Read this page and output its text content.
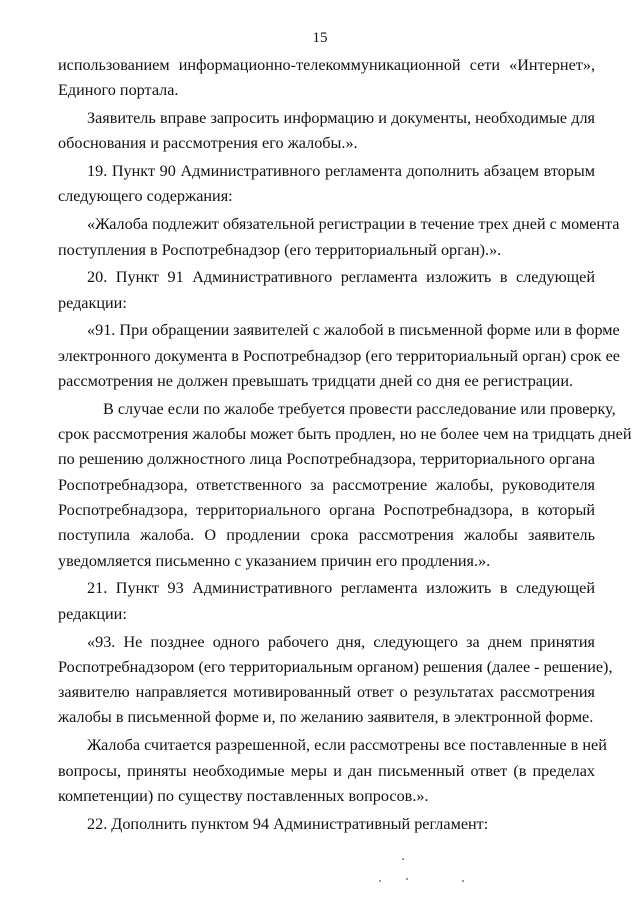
15

использованием информационно-телекоммуникационной сети «Интернет»,
Единого портала.

Заявитель вправе запросить информацию и документы, необходимые для
обоснования и рассмотрения его жалобы.».

19. Пункт 90 Административного регламента дополнить абзацем вторым
следующего содержания:

«Жалоба подлежит обязательной регистрации в течение трех дней с момента
поступления в Роспотребнадзор (его территориальный орган).».

20. Пункт 91 Административного регламента изложить в следующей
редакции:

«91. При обращении заявителей с жалобой в письменной форме или в форме
электронного документа в Роспотребнадзор (его территориальный орган) срок ее
рассмотрения не должен превышать тридцати дней со дня ее регистрации.

В случае если по жалобе требуется провести расследование или проверку,
срок рассмотрения жалобы может быть продлен, но не более чем на тридцать дней
по решению должностного лица Роспотребнадзора, территориального органа
Роспотребнадзора, ответственного за рассмотрение жалобы, руководителя
Роспотребнадзора, территориального органа Роспотребнадзора, в который
поступила жалоба. О продлении срока рассмотрения жалобы заявитель
уведомляется письменно с указанием причин его продления.».

21. Пункт 93 Административного регламента изложить в следующей
редакции:

«93. Не позднее одного рабочего дня, следующего за днем принятия
Роспотребнадзором (его территориальным органом) решения (далее - решение),
заявителю направляется мотивированный ответ о результатах рассмотрения
жалобы в письменной форме и, по желанию заявителя, в электронной форме.

Жалоба считается разрешенной, если рассмотрены все поставленные в ней
вопросы, приняты необходимые меры и дан письменный ответ (в пределах
компетенции) по существу поставленных вопросов.».

22. Дополнить пунктом 94 Административный регламент:
